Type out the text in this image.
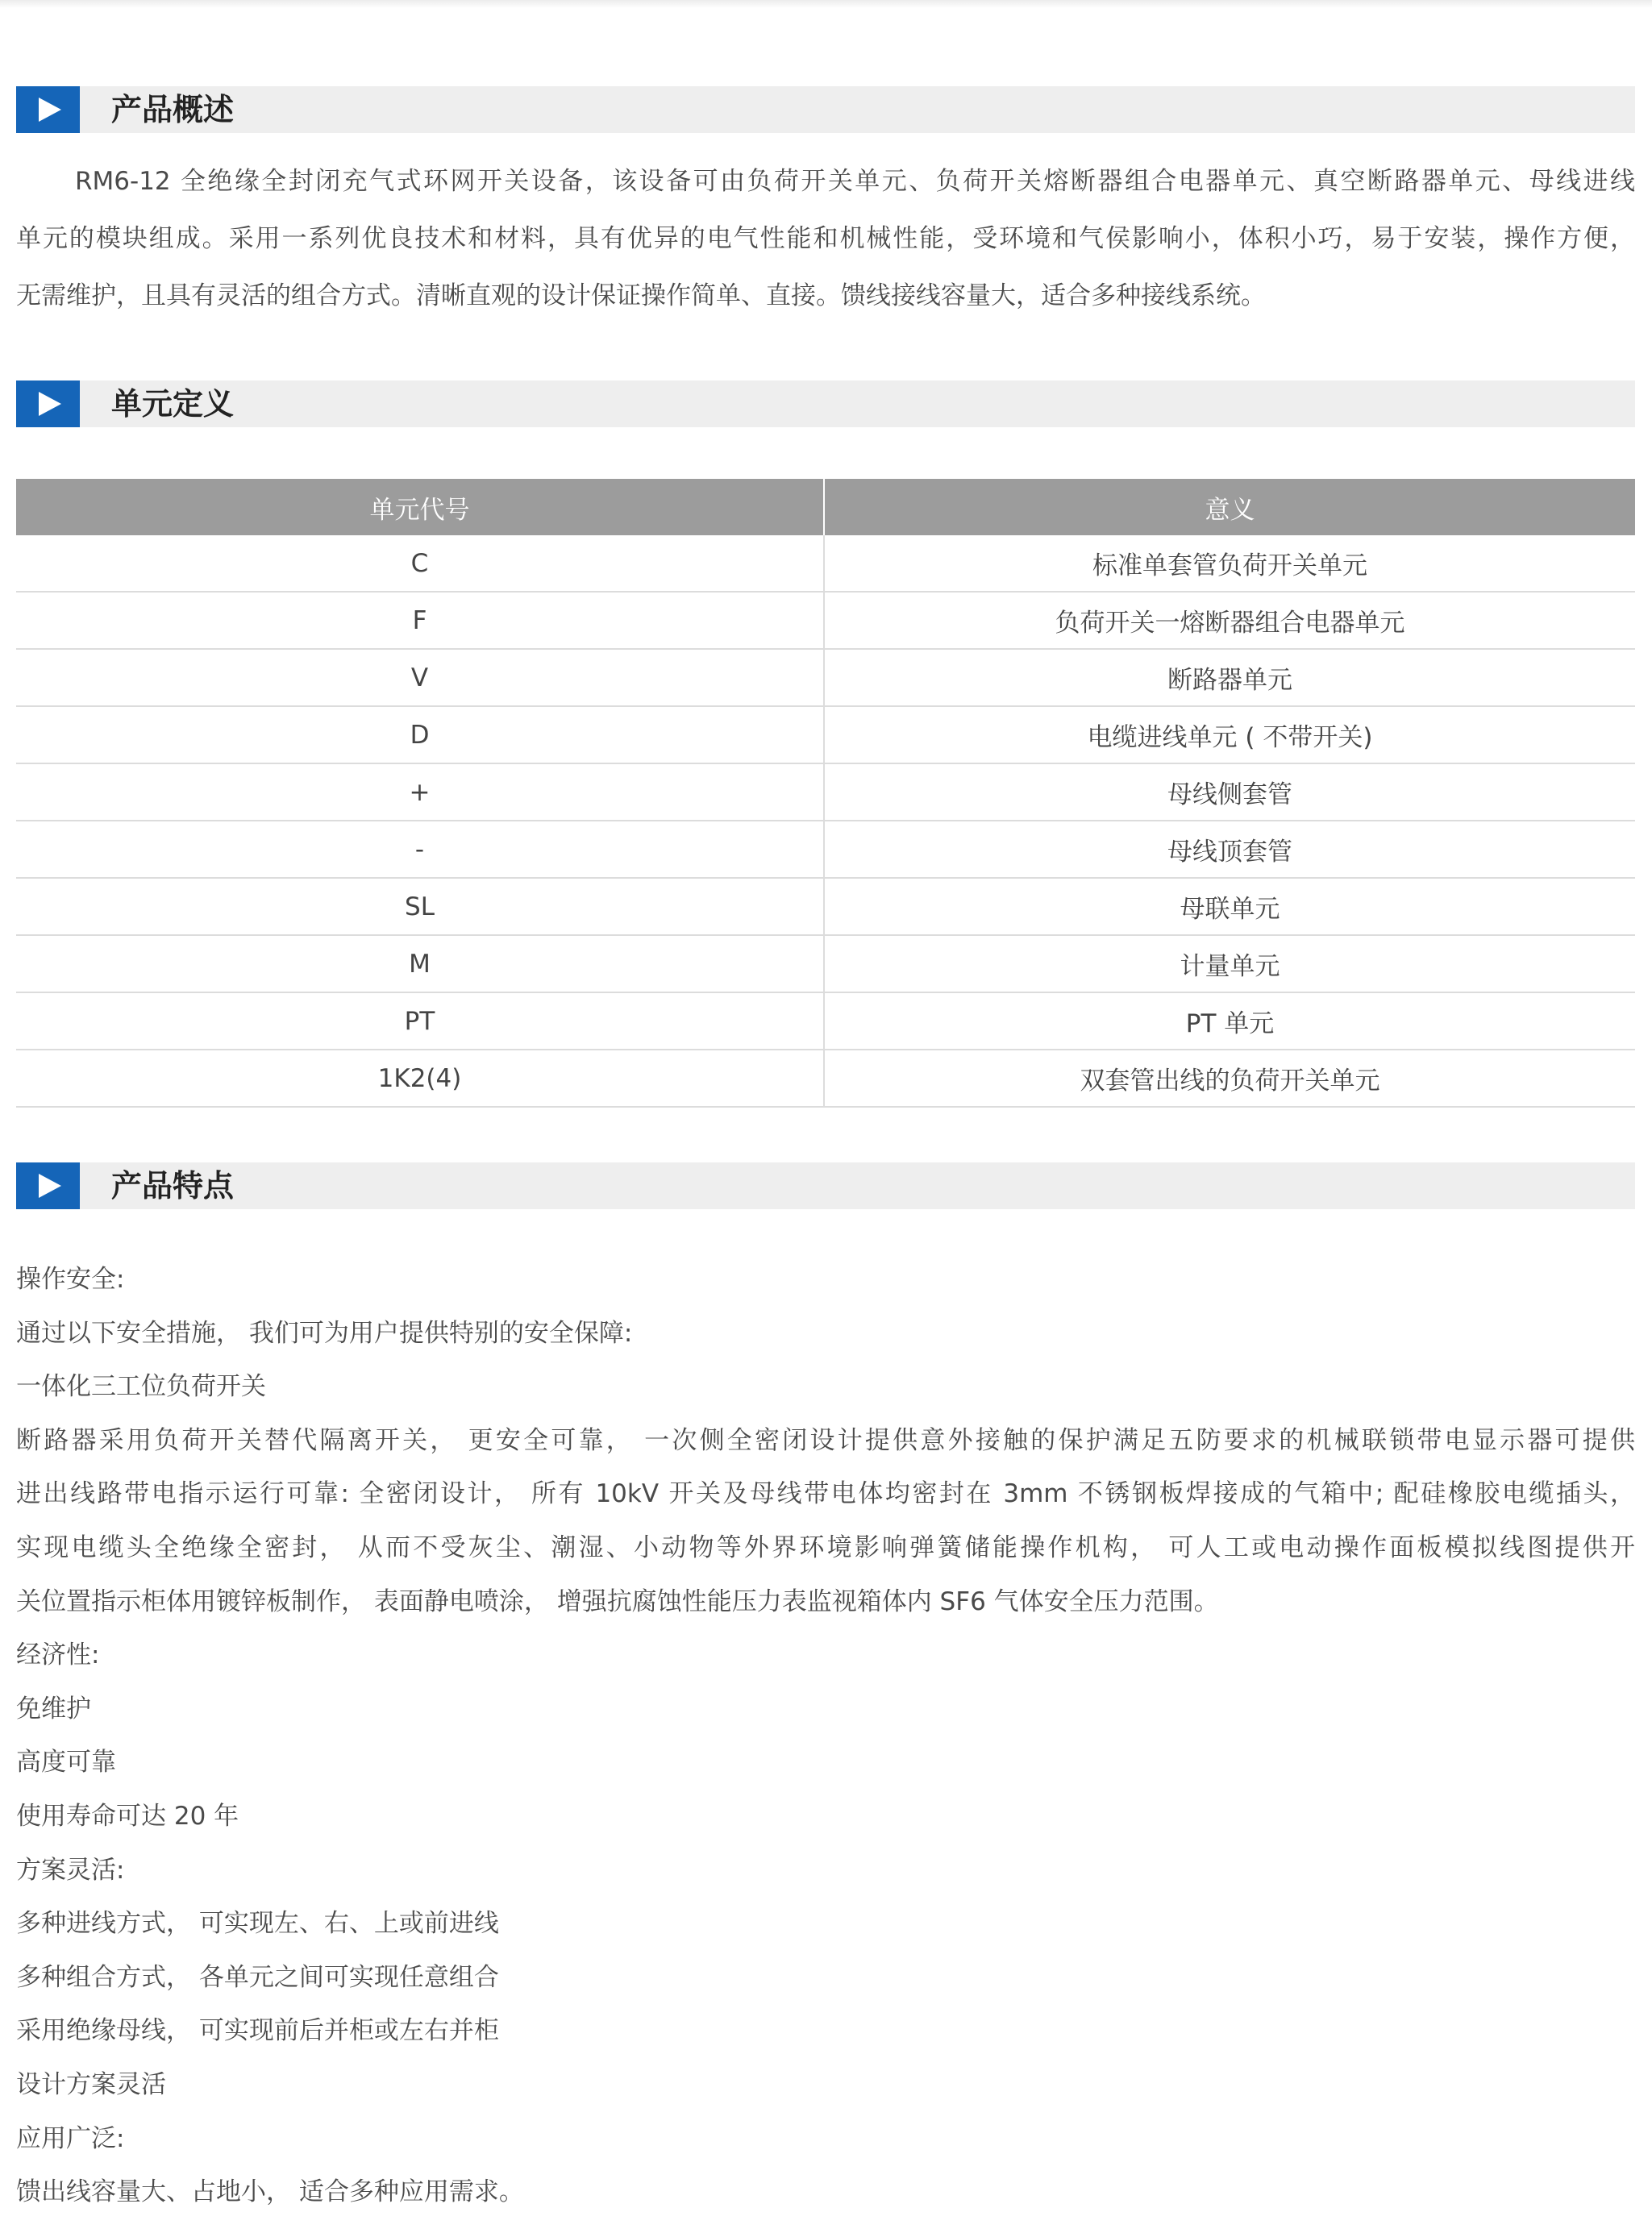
产品概述
RM6-12 全绝缘全封闭充气式环网开关设备，该设备可由负荷开关单元、负荷开关熔断器组合电器单元、真空断路器单元、母线进线
单元的模块组成。采用一系列优良技术和材料，具有优异的电气性能和机械性能，受环境和气侯影响小，体积小巧，易于安装，操作方便，
无需维护，且具有灵活的组合方式。清晰直观的设计保证操作简单、直接。馈线接线容量大，适合多种接线系统。
单元定义
单元代号	意义
C	标准单套管负荷开关单元
F	负荷开关一熔断器组合电器单元
V	断路器单元
D	电缆进线单元 ( 不带开关)
+	母线侧套管
-	母线顶套管
SL	母联单元
M	计量单元
PT	PT 单元
1K2(4)	双套管出线的负荷开关单元
产品特点
操作安全:
通过以下安全措施， 我们可为用户提供特别的安全保障:
一体化三工位负荷开关
断路器采用负荷开关替代隔离开关， 更安全可靠， 一次侧全密闭设计提供意外接触的保护满足五防要求的机械联锁带电显示器可提供
进出线路带电指示运行可靠: 全密闭设计， 所有 10kV 开关及母线带电体均密封在 3mm 不锈钢板焊接成的气箱中; 配硅橡胶电缆插头，
实现电缆头全绝缘全密封， 从而不受灰尘、潮湿、小动物等外界环境影响弹簧储能操作机构， 可人工或电动操作面板模拟线图提供开
关位置指示柜体用镀锌板制作， 表面静电喷涂， 增强抗腐蚀性能压力表监视箱体内 SF6 气体安全压力范围。
经济性:
免维护
高度可靠
使用寿命可达 20 年
方案灵活:
多种进线方式， 可实现左、右、上或前进线
多种组合方式， 各单元之间可实现任意组合
采用绝缘母线， 可实现前后并柜或左右并柜
设计方案灵活
应用广泛:
馈出线容量大、占地小， 适合多种应用需求。
